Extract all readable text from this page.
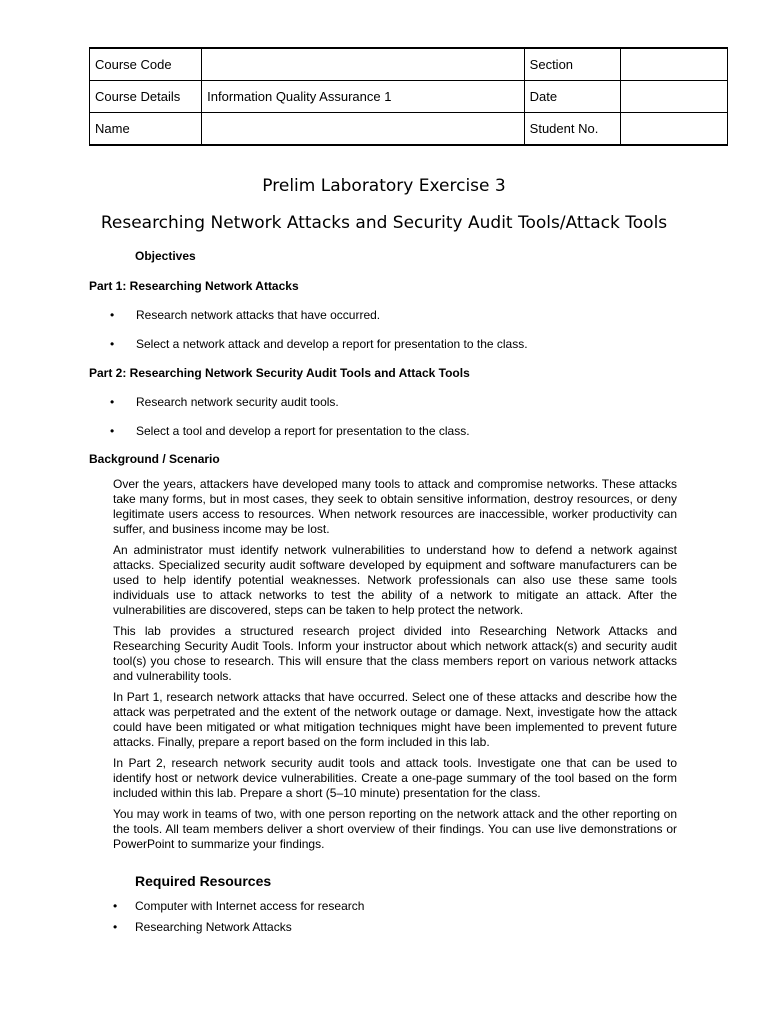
Course Code		Section	
Course Details	Information Quality Assurance 1	Date	
Name		Student No.	
Prelim Laboratory Exercise 3
Researching Network Attacks and Security Audit Tools/Attack Tools
Objectives
Part 1: Researching Network Attacks
• Research network attacks that have occurred.
• Select a network attack and develop a report for presentation to the class.
Part 2: Researching Network Security Audit Tools and Attack Tools
• Research network security audit tools.
• Select a tool and develop a report for presentation to the class.
Background / Scenario

Over the years, attackers have developed many tools to attack and compromise networks. These attacks take many forms, but in most cases, they seek to obtain sensitive information, destroy resources, or deny legitimate users access to resources. When network resources are inaccessible, worker productivity can suffer, and business income may be lost.

An administrator must identify network vulnerabilities to understand how to defend a network against attacks. Specialized security audit software developed by equipment and software manufacturers can be used to help identify potential weaknesses. Network professionals can also use these same tools individuals use to attack networks to test the ability of a network to mitigate an attack. After the vulnerabilities are discovered, steps can be taken to help protect the network.

This lab provides a structured research project divided into Researching Network Attacks and Researching Security Audit Tools. Inform your instructor about which network attack(s) and security audit tool(s) you chose to research. This will ensure that the class members report on various network attacks and vulnerability tools.

In Part 1, research network attacks that have occurred. Select one of these attacks and describe how the attack was perpetrated and the extent of the network outage or damage. Next, investigate how the attack could have been mitigated or what mitigation techniques might have been implemented to prevent future attacks. Finally, prepare a report based on the form included in this lab.

In Part 2, research network security audit tools and attack tools. Investigate one that can be used to identify host or network device vulnerabilities. Create a one-page summary of the tool based on the form included within this lab. Prepare a short (5–10 minute) presentation for the class.

You may work in teams of two, with one person reporting on the network attack and the other reporting on the tools. All team members deliver a short overview of their findings. You can use live demonstrations or PowerPoint to summarize your findings.

Required Resources
• Computer with Internet access for research
• Researching Network Attacks
